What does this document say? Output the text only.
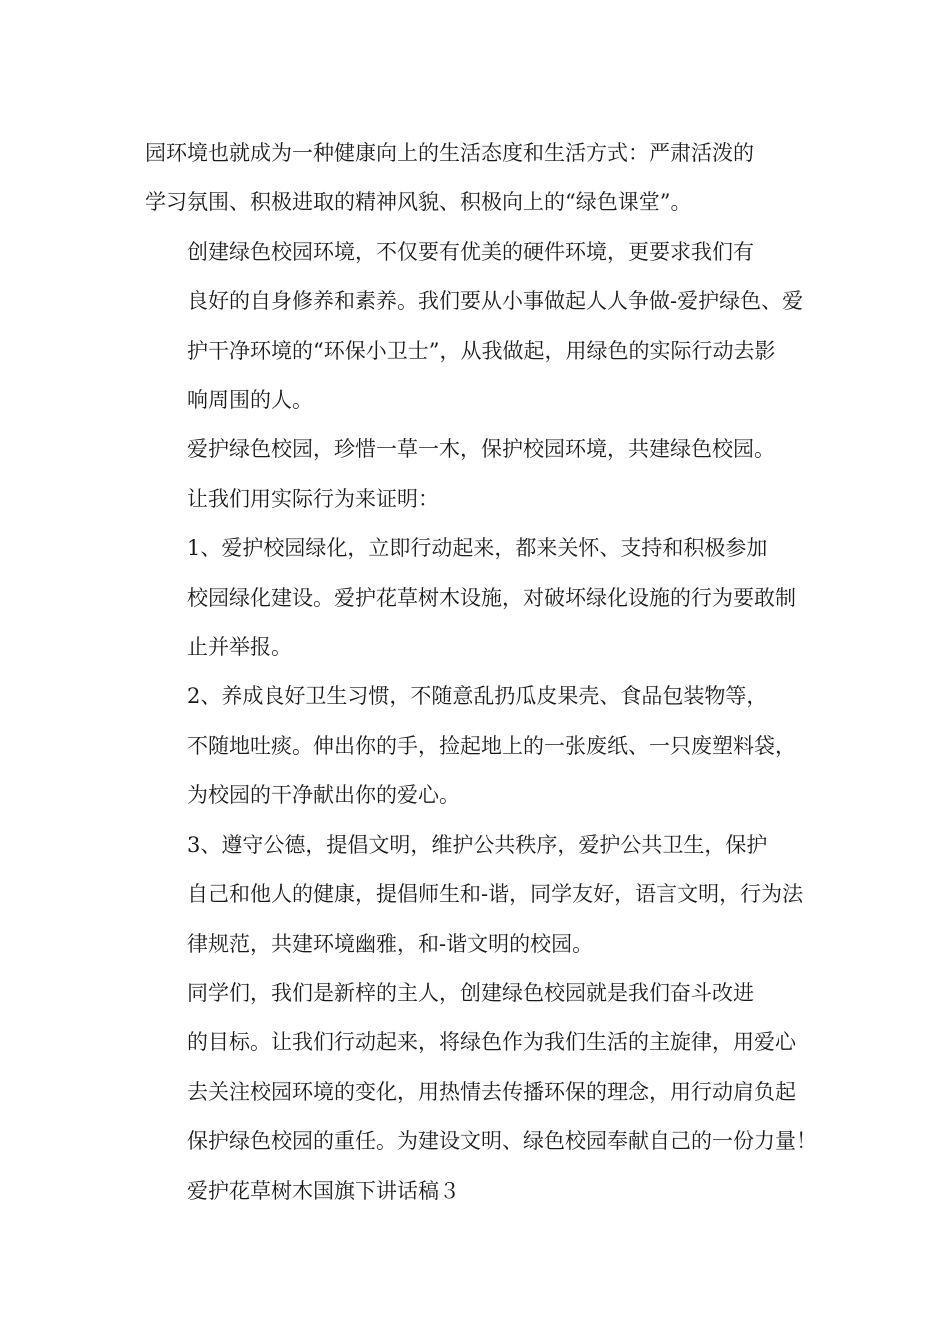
园环境也就成为一种健康向上的生活态度和生活方式：严肃活泼的
学习氛围、积极进取的精神风貌、积极向上的“绿色课堂”。

创建绿色校园环境，不仅要有优美的硬件环境，更要求我们有
良好的自身修养和素养。我们要从小事做起人人争做-爱护绿色、爱
护干净环境的“环保小卫士”，从我做起，用绿色的实际行动去影
响周围的人。

爱护绿色校园，珍惜一草一木，保护校园环境，共建绿色校园。
让我们用实际行为来证明：

1、爱护校园绿化，立即行动起来，都来关怀、支持和积极参加
校园绿化建设。爱护花草树木设施，对破坏绿化设施的行为要敢制
止并举报。

2、养成良好卫生习惯，不随意乱扔瓜皮果壳、食品包装物等，
不随地吐痰。伸出你的手，捡起地上的一张废纸、一只废塑料袋，
为校园的干净献出你的爱心。

3、遵守公德，提倡文明，维护公共秩序，爱护公共卫生，保护
自己和他人的健康，提倡师生和-谐，同学友好，语言文明，行为法
律规范，共建环境幽雅，和-谐文明的校园。

同学们，我们是新梓的主人，创建绿色校园就是我们奋斗改进
的目标。让我们行动起来，将绿色作为我们生活的主旋律，用爱心
去关注校园环境的变化，用热情去传播环保的理念，用行动肩负起
保护绿色校园的重任。为建设文明、绿色校园奉献自己的一份力量！

爱护花草树木国旗下讲话稿３
